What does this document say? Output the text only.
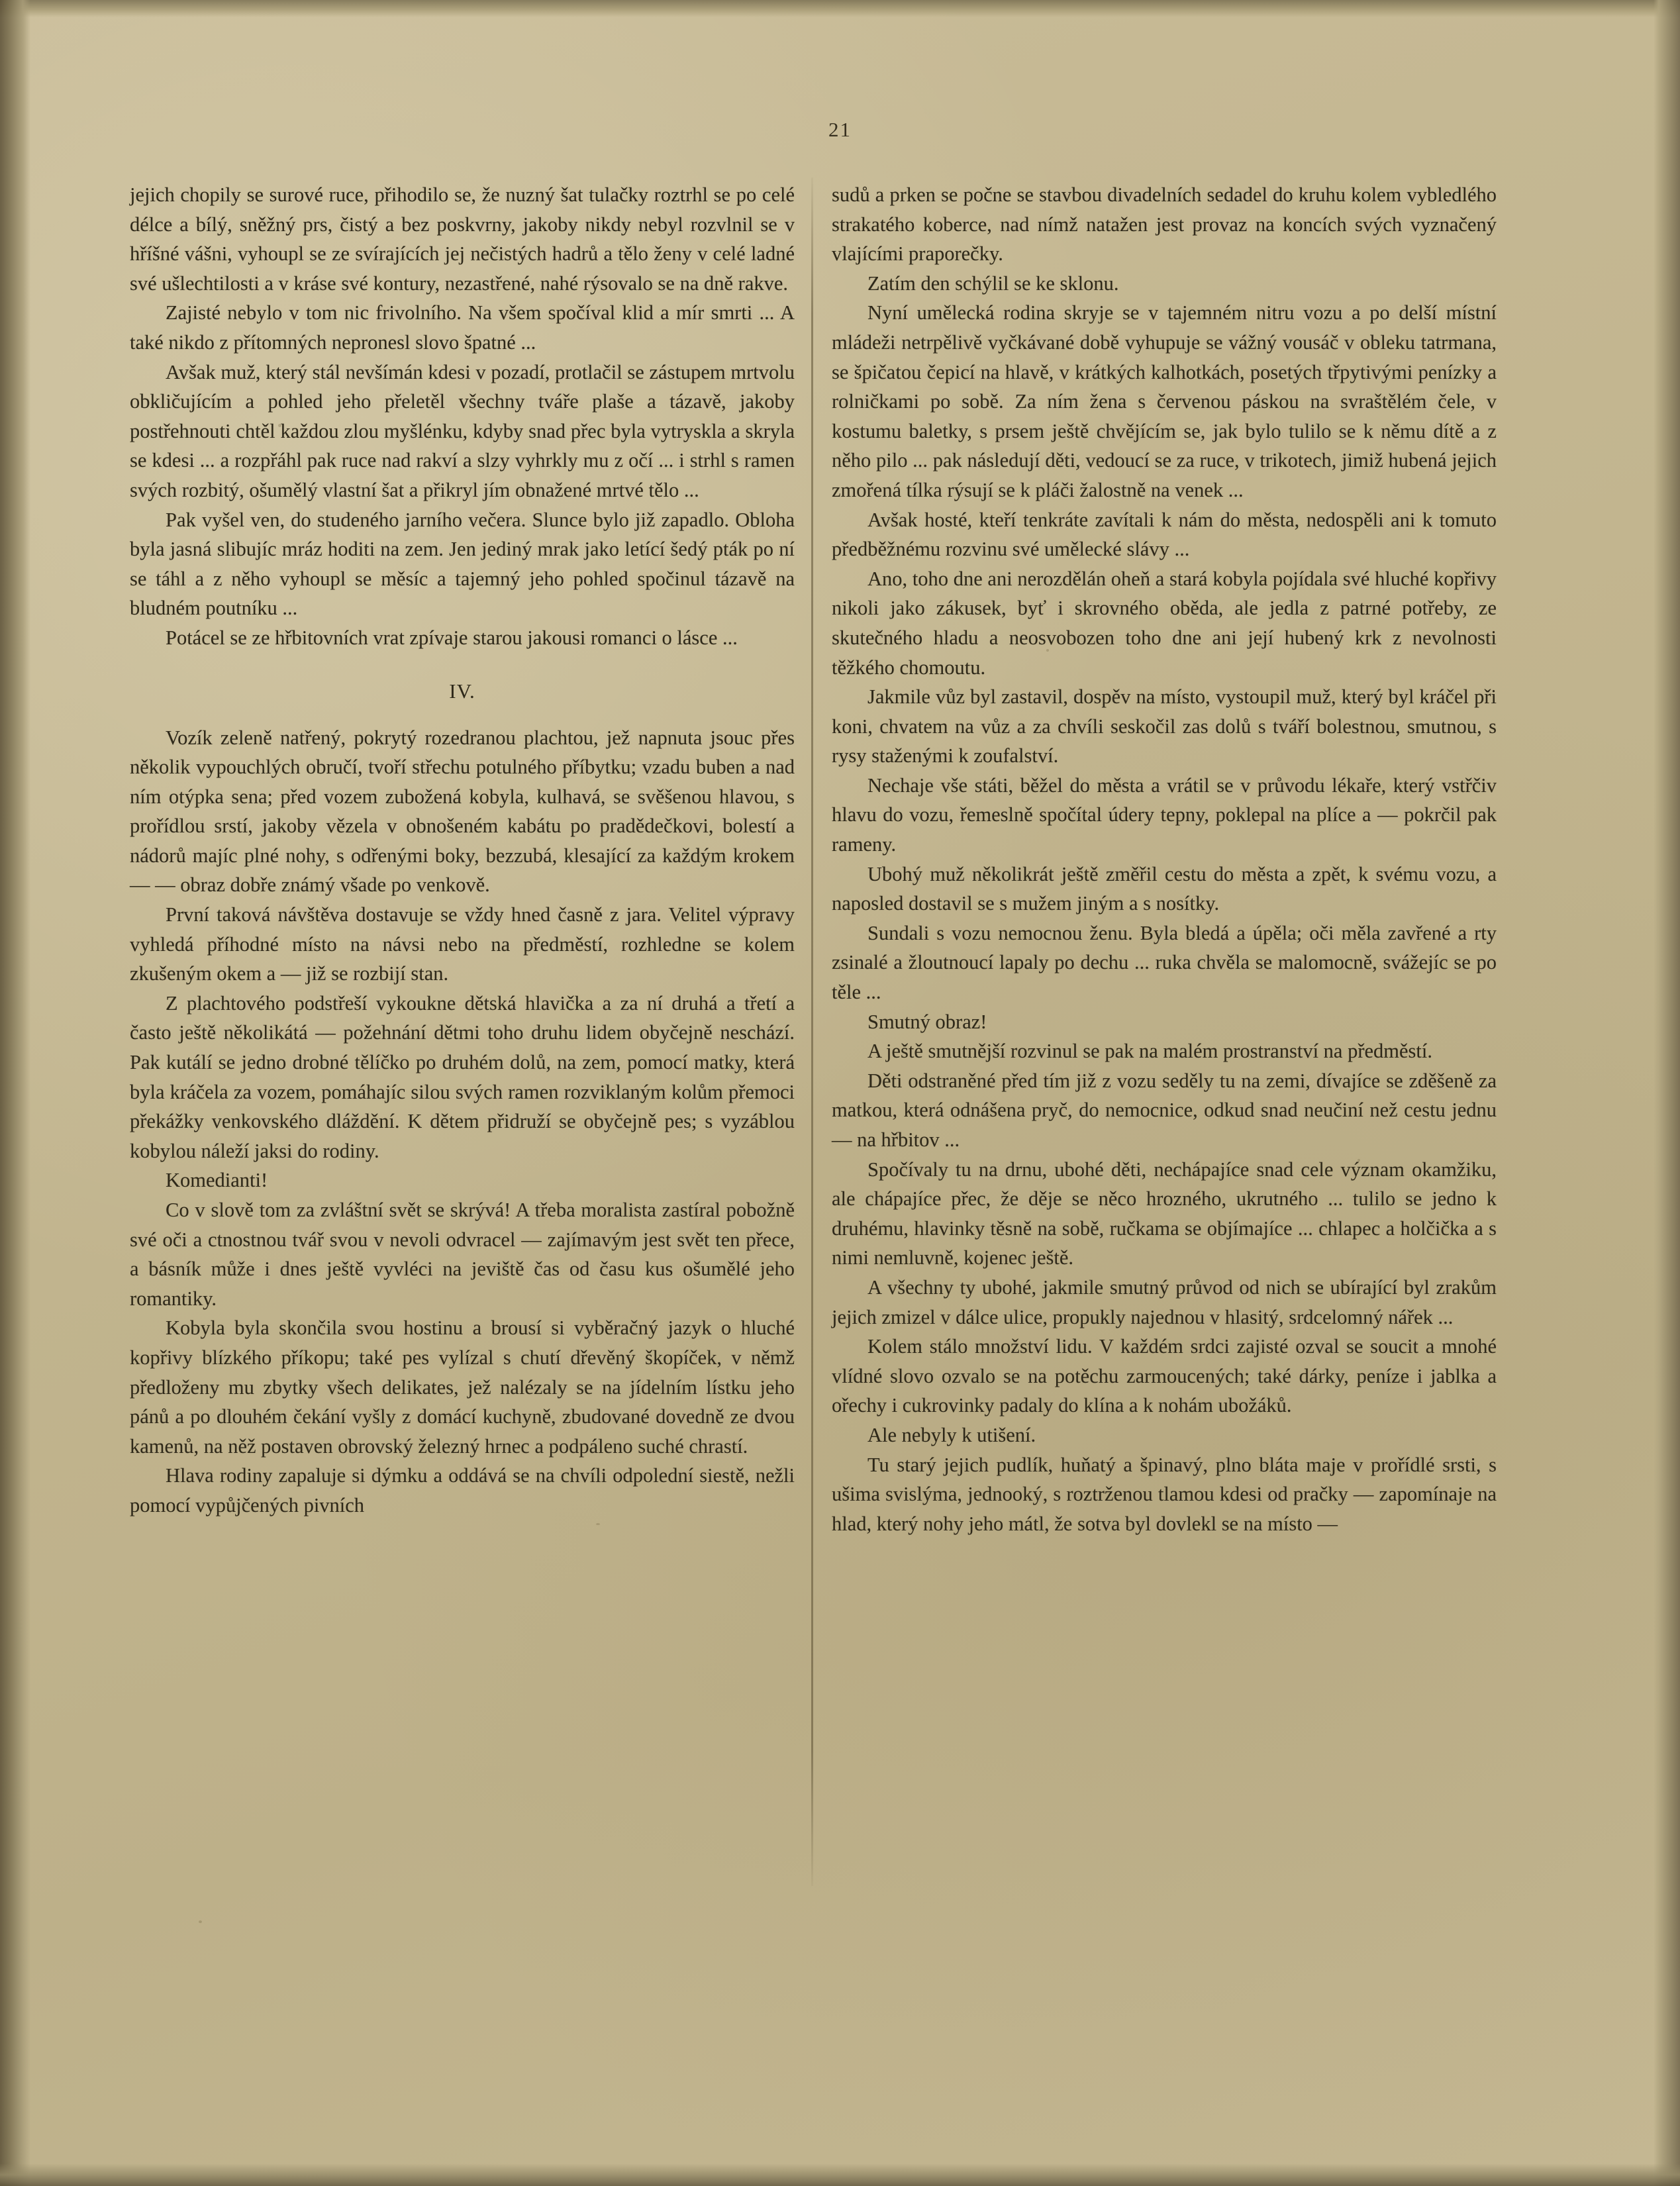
21

jejich chopily se surové ruce, přihodilo se, že nuzný šat tulačky roztrhl se po celé délce a bílý, sněžný prs, čistý a bez poskvrny, jakoby nikdy nebyl rozvlnil se v hříšné vášni, vyhoupl se ze svírajících jej nečistých hadrů a tělo ženy v celé ladné své ušlechtilosti a v kráse své kontury, nezastřené, nahé rýsovalo se na dně rakve.

Zajisté nebylo v tom nic frivolního. Na všem spočíval klid a mír smrti ... A také nikdo z přítomných nepronesl slovo špatné ...

Avšak muž, který stál nevšímán kdesi v pozadí, protlačil se zástupem mrtvolu obkličujícím a pohled jeho přeletěl všechny tváře plaše a tázavě, jakoby postřehnouti chtěl každou zlou myšlénku, kdyby snad přec byla vytryskla a skryla se kdesi ... a rozpřáhl pak ruce nad rakví a slzy vyhrkly mu z očí ... i strhl s ramen svých rozbitý, ošumělý vlastní šat a přikryl jím obnažené mrtvé tělo ...

Pak vyšel ven, do studeného jarního večera. Slunce bylo již zapadlo. Obloha byla jasná slibujíc mráz hoditi na zem. Jen jediný mrak jako letící šedý pták po ní se táhl a z něho vyhoupl se měsíc a tajemný jeho pohled spočinul tázavě na bludném poutníku ...

Potácel se ze hřbitovních vrat zpívaje starou jakousi romanci o lásce ...

IV.

Vozík zeleně natřený, pokrytý rozedranou plachtou, jež napnuta jsouc přes několik vypouchlých obručí, tvoří střechu potulného příbytku; vzadu buben a nad ním otýpka sena; před vozem zubožená kobyla, kulhavá, se svěšenou hlavou, s prořídlou srstí, jakoby vězela v obnošeném kabátu po pradědečkovi, bolestí a nádorů majíc plné nohy, s odřenými boky, bezzubá, klesající za každým krokem — — obraz dobře známý všade po venkově.

První taková návštěva dostavuje se vždy hned časně z jara. Velitel výpravy vyhledá příhodné místo na návsi nebo na předměstí, rozhledne se kolem zkušeným okem a — již se rozbijí stan.

Z plachtového podstřeší vykoukne dětská hlavička a za ní druhá a třetí a často ještě několikátá — požehnání dětmi toho druhu lidem obyčejně neschází. Pak kutálí se jedno drobné tělíčko po druhém dolů, na zem, pomocí matky, která byla kráčela za vozem, pomáhajíc silou svých ramen rozviklaným kolům přemoci překážky venkovského dláždění. K dětem přidruží se obyčejně pes; s vyzáblou kobylou náleží jaksi do rodiny.

Komedianti!

Co v slově tom za zvláštní svět se skrývá! A třeba moralista zastíral pobožně své oči a ctnostnou tvář svou v nevoli odvracel — zajímavým jest svět ten přece, a básník může i dnes ještě vyvléci na jeviště čas od času kus ošumělé jeho romantiky.

Kobyla byla skončila svou hostinu a brousí si vyběračný jazyk o hluché kopřivy blízkého příkopu; také pes vylízal s chutí dřevěný škopíček, v němž předloženy mu zbytky všech delikates, jež nalézaly se na jídelním lístku jeho pánů a po dlouhém čekání vyšly z domácí kuchyně, zbudované dovedně ze dvou kamenů, na něž postaven obrovský železný hrnec a podpáleno suché chrastí.

Hlava rodiny zapaluje si dýmku a oddává se na chvíli odpolední siestě, nežli pomocí vypůjčených pivních

sudů a prken se počne se stavbou divadelních sedadel do kruhu kolem vybledlého strakatého koberce, nad nímž natažen jest provaz na koncích svých vyznačený vlajícími praporečky.

Zatím den schýlil se ke sklonu.

Nyní umělecká rodina skryje se v tajemném nitru vozu a po delší místní mládeži netrpělivě vyčkávané době vyhupuje se vážný vousáč v obleku tatrmana, se špičatou čepicí na hlavě, v krátkých kalhotkách, posetých třpytivými penízky a rolničkami po sobě. Za ním žena s červenou páskou na svraštělém čele, v kostumu baletky, s prsem ještě chvějícím se, jak bylo tulilo se k němu dítě a z něho pilo ... pak následují děti, vedoucí se za ruce, v trikotech, jimiž hubená jejich zmořená tílka rýsují se k pláči žalostně na venek ...

Avšak hosté, kteří tenkráte zavítali k nám do města, nedospěli ani k tomuto předběžnému rozvinu své umělecké slávy ...

Ano, toho dne ani nerozdělán oheň a stará kobyla pojídala své hluché kopřivy nikoli jako zákusek, byť i skrovného oběda, ale jedla z patrné potřeby, ze skutečného hladu a neosvobozen toho dne ani její hubený krk z nevolnosti těžkého chomoutu.

Jakmile vůz byl zastavil, dospěv na místo, vystoupil muž, který byl kráčel při koni, chvatem na vůz a za chvíli seskočil zas dolů s tváří bolestnou, smutnou, s rysy staženými k zoufalství.

Nechaje vše státi, běžel do města a vrátil se v průvodu lékaře, který vstřčiv hlavu do vozu, řemeslně spočítal údery tepny, poklepal na plíce a — pokrčil pak rameny.

Ubohý muž několikrát ještě změřil cestu do města a zpět, k svému vozu, a naposled dostavil se s mužem jiným a s nosítky.

Sundali s vozu nemocnou ženu. Byla bledá a úpěla; oči měla zavřené a rty zsinalé a žloutnoucí lapaly po dechu ... ruka chvěla se malomocně, svážejíc se po těle ...

Smutný obraz!

A ještě smutnější rozvinul se pak na malém prostranství na předměstí.

Děti odstraněné před tím již z vozu seděly tu na zemi, dívajíce se zděšeně za matkou, která odnášena pryč, do nemocnice, odkud snad neučiní než cestu jednu — na hřbitov ...

Spočívaly tu na drnu, ubohé děti, nechápajíce snad cele význam okamžiku, ale chápajíce přec, že děje se něco hrozného, ukrutného ... tulilo se jedno k druhému, hlavinky těsně na sobě, ručkama se objímajíce ... chlapec a holčička a s nimi nemluvně, kojenec ještě.

A všechny ty ubohé, jakmile smutný průvod od nich se ubírající byl zrakům jejich zmizel v dálce ulice, propukly najednou v hlasitý, srdcelomný nářek ...

Kolem stálo množství lidu. V každém srdci zajisté ozval se soucit a mnohé vlídné slovo ozvalo se na potěchu zarmoucených; také dárky, peníze i jablka a ořechy i cukrovinky padaly do klína a k nohám ubožáků.

Ale nebyly k utišení.

Tu starý jejich pudlík, huňatý a špinavý, plno bláta maje v prořídlé srsti, s ušima svislýma, jednooký, s roztrženou tlamou kdesi od pračky — zapomínaje na hlad, který nohy jeho mátl, že sotva byl dovlekl se na místo —
